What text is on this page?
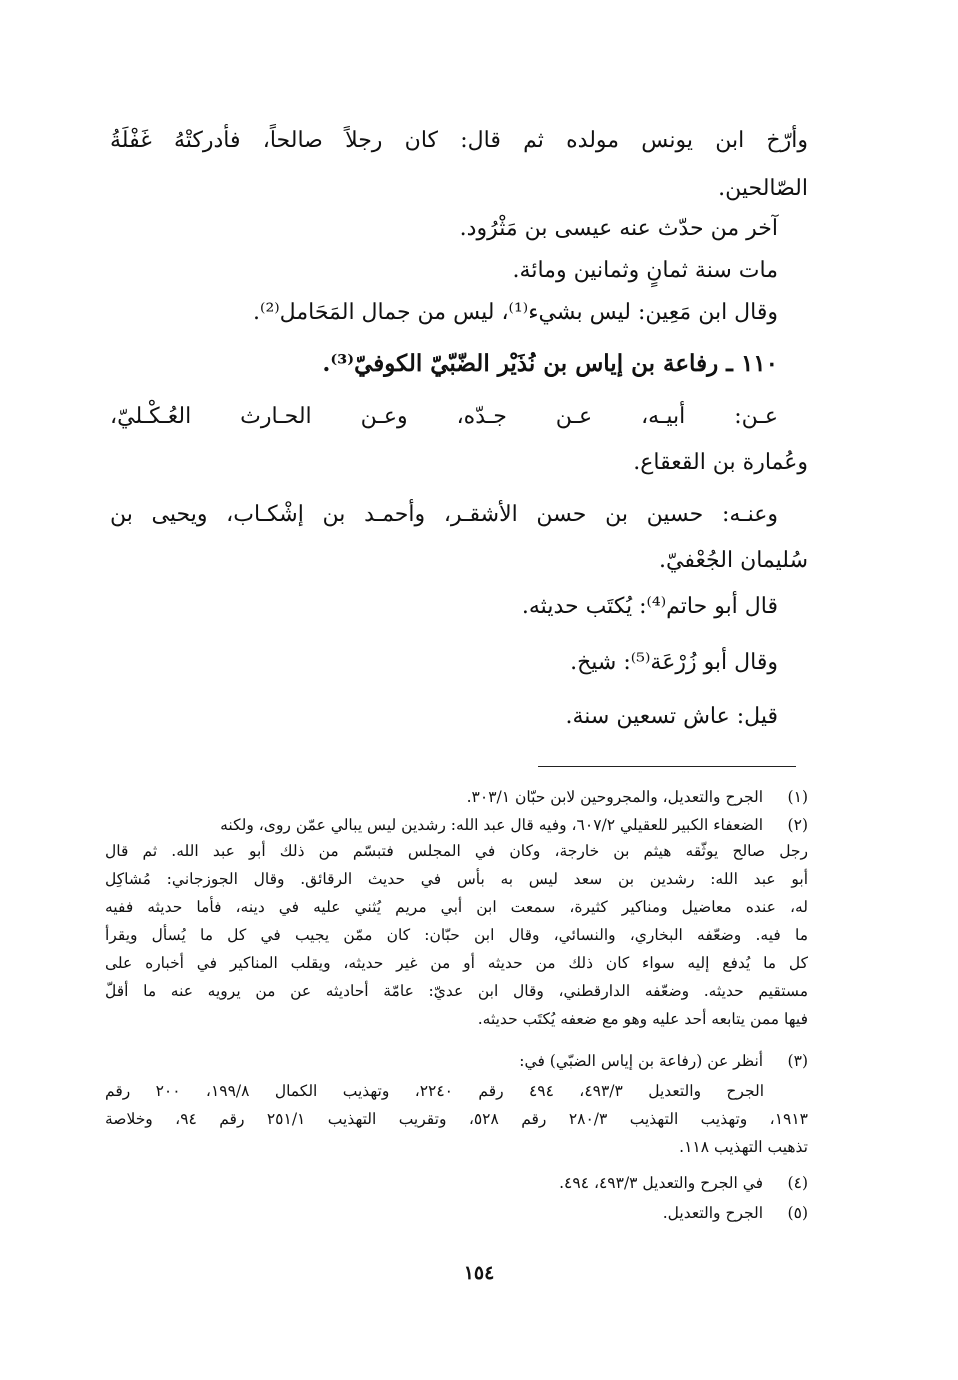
وأرّخ ابن يونس مولده ثم قال: كان رجلاً صالحاً، فأدركتْهُ غَفْلَةُ
الصّالحين.
آخر من حدّث عنه عيسى بن مَثْرُود.
مات سنة ثمانٍ وثمانين ومائة.
وقال ابن مَعِين: ليس بشيء⁽¹⁾، ليس من جمال المَحَامل⁽²⁾.
١١٠ ـ رفاعة بن إياس بن نُذَيْر الضّبّيّ الكوفيّ⁽³⁾.
عـن: أبيـه، عـن جـدّه، وعـن الحـارث العُـكْـليّ،
وعُمارة بن القعقاع.
وعنـه: حسين بن حسن الأشقـر، وأحمـد بن إشْكـاب، ويحيى بن
سُليمان الجُعْفيّ.
قال أبو حاتم⁽⁴⁾: يُكتَب حديثه.
وقال أبو زُرْعَة⁽⁵⁾: شيخ.
قيل: عاش تسعين سنة.
(١) الجرح والتعديل، والمجروحين لابن حبّان ٣٠٣/١.
(٢) الضعفاء الكبير للعقيلي ٦٠٧/٢، وفيه قال عبد الله: رشدين ليس يبالي عمّن روى، ولكنه
رجل صالح يوثّقه هيثم بن خارجة، وكان في المجلس فتبسّم من ذلك أبو عبد الله. ثم قال
أبو عبد الله: رشدين بن سعد ليس به بأس في حديث الرقائق. وقال الجوزجاني: مُشاكِل
له، عنده معاضيل ومناكير كثيرة، سمعت ابن أبي مريم يُثني عليه في دينه، فأما حديثه ففيه
ما فيه. وضعّفه البخاري، والنسائي، وقال ابن حبّان: كان ممّن يجيب في كل ما يُسأل ويقرأ
كل ما يُدفع إليه سواء كان ذلك من حديثه أو من غير حديثه، ويقلب المناكير في أخباره على
مستقيم حديثه. وضعّفه الدارقطني، وقال ابن عديّ: عامّة أحاديثه عن من يرويه عنه ما أقلّ
فيها ممن يتابعه أحد عليه وهو مع ضعفه يُكتَب حديثه.
(٣) أنظر عن (رفاعة بن إياس الضبّي) في:
الجرح والتعديل ٤٩٣/٣، ٤٩٤ رقم ٢٢٤٠، وتهذيب الكمال ١٩٩/٨، ٢٠٠ رقم
١٩١٣، وتهذيب التهذيب ٢٨٠/٣ رقم ٥٢٨، وتقريب التهذيب ٢٥١/١ رقم ٩٤، وخلاصة
تذهيب التهذيب ١١٨.
(٤) في الجرح والتعديل ٤٩٣/٣، ٤٩٤.
(٥) الجرح والتعديل.
١٥٤
